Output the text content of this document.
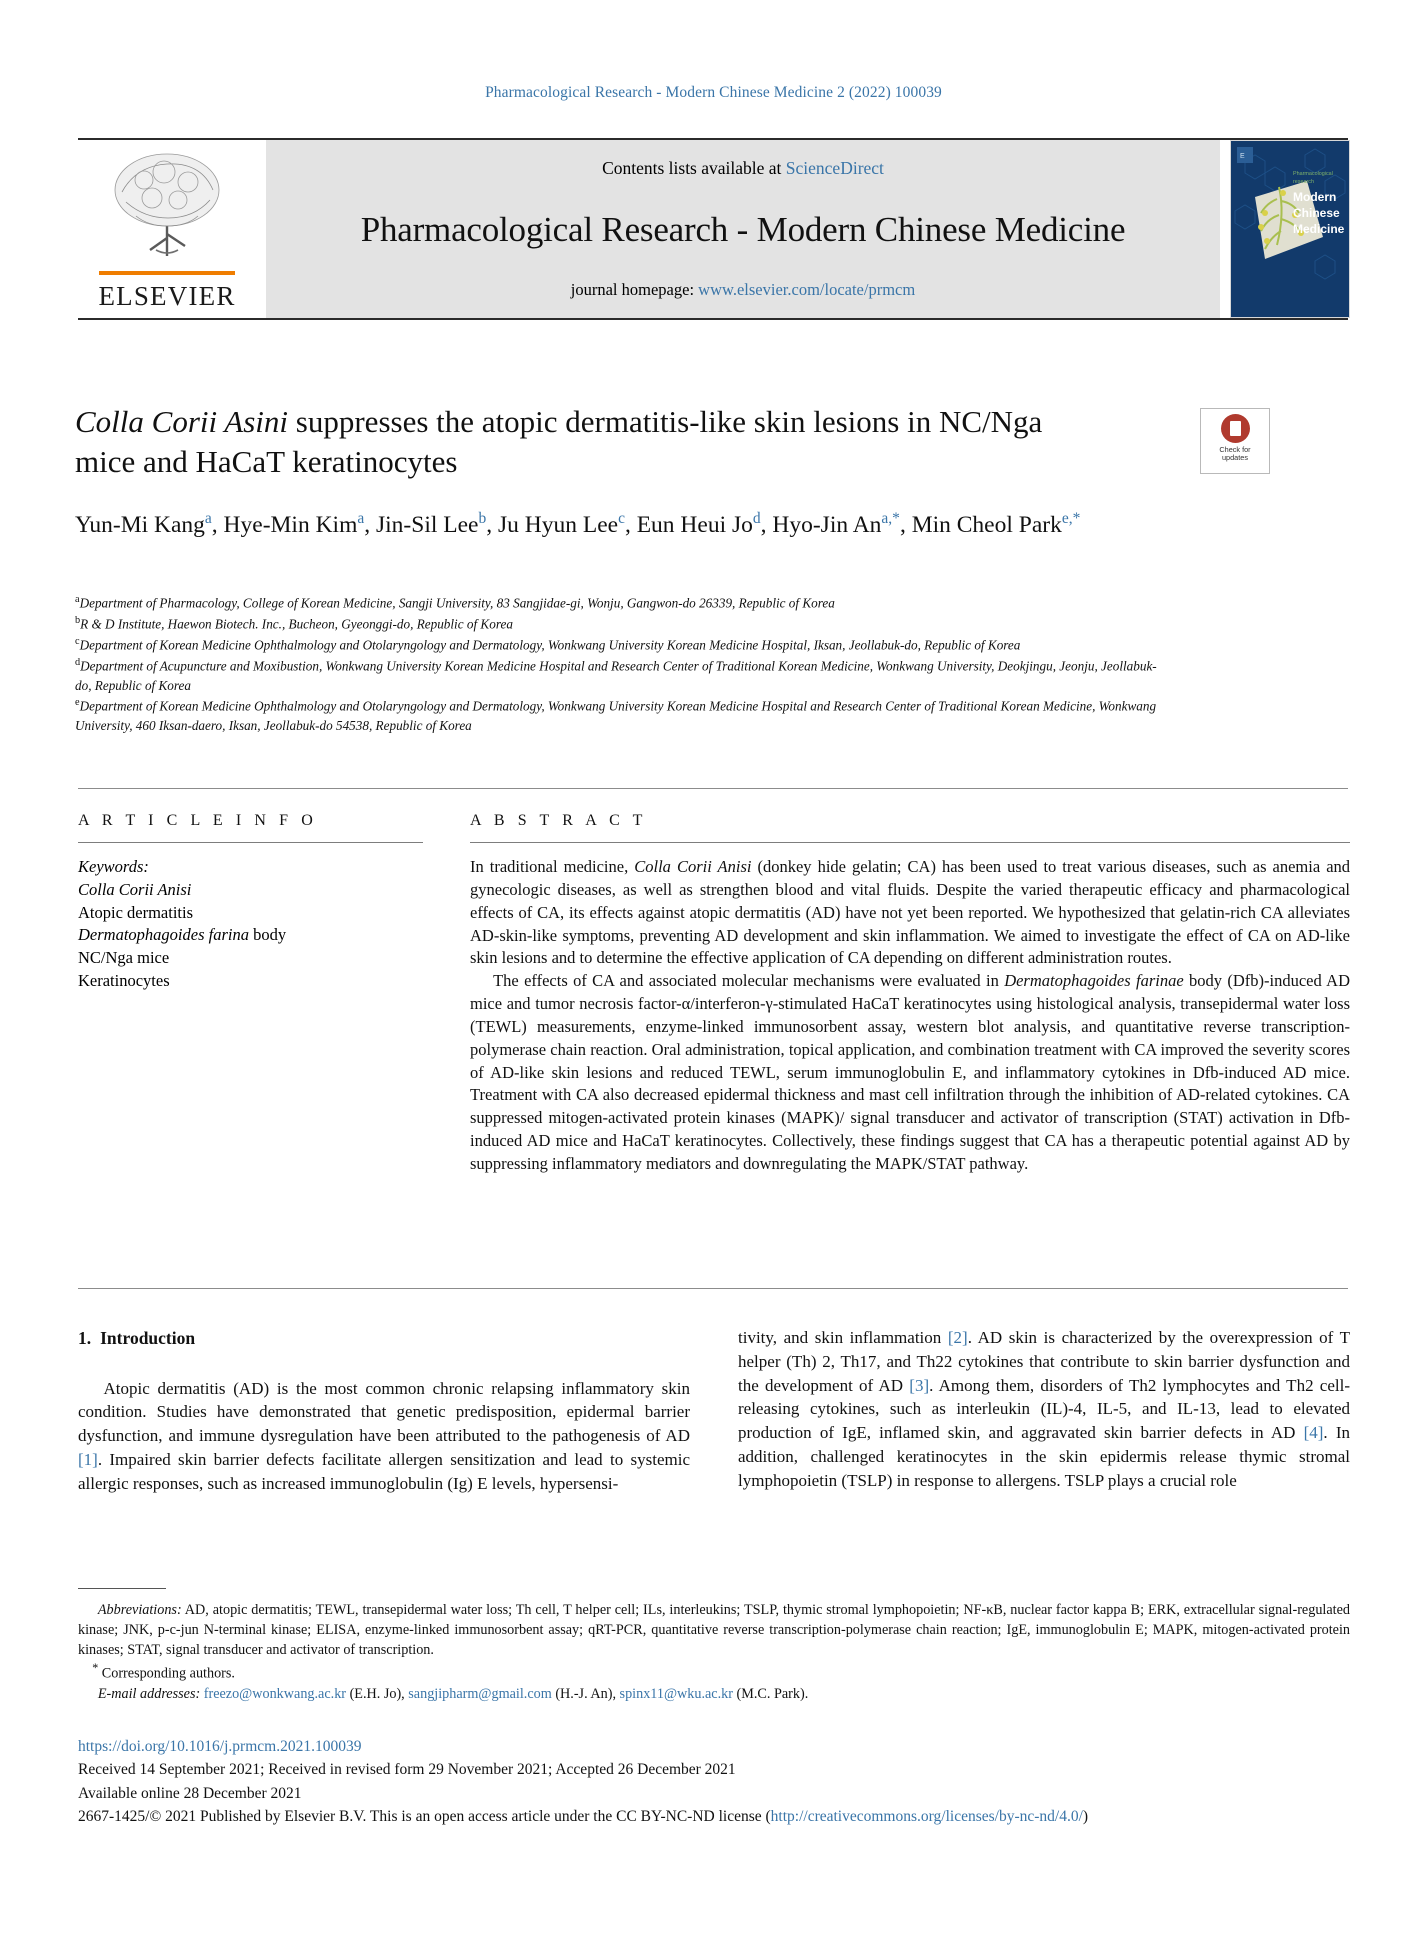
Pharmacological Research - Modern Chinese Medicine 2 (2022) 100039
ELSEVIER
Contents lists available at ScienceDirect
Pharmacological Research - Modern Chinese Medicine
journal homepage: www.elsevier.com/locate/prmcm
E
Pharmacological
research
Modern
Chinese
Medicine
Colla Corii Asini suppresses the atopic dermatitis-like skin lesions in NC/Nga mice and HaCaT keratinocytes	Check for
updates
Yun-Mi Kang$^a$, Hye-Min Kim$^a$, Jin-Sil Lee$^b$, Ju Hyun Lee$^c$, Eun Heui Jo$^d$, Hyo-Jin $An^{a,*}$, Min Cheol Park$^{e,*}$
$^a$Department of Pharmacology, College of Korean Medicine, Sangji University, 83 Sangjidae-gi, Wonju, Gangwon-do 26339, Republic of Korea
$^b$R & D Institute, Haewon Biotech. Inc., Bucheon, Gyeonggi-do, Republic of Korea
$^c$Department of Korean Medicine Ophthalmology and Otolaryngology and Dermatology, Wonkwang University Korean Medicine Hospital, Iksan, Jeollabuk-do, Republic of Korea
$^d$Department of Acupuncture and Moxibustion, Wonkwang University Korean Medicine Hospital and Research Center of Traditional Korean Medicine, Wonkwang University, Deokjingu, Jeonju, Jeollabuk-do, Republic of Korea
$^e$Department of Korean Medicine Ophthalmology and Otolaryngology and Dermatology, Wonkwang University Korean Medicine Hospital and Research Center of Traditional Korean Medicine, Wonkwang University, 460 Iksan-daero, Iksan, Jeollabuk-do 54538, Republic of Korea
A R T I C L E I N F O
Keywords:
Colla Corii Anisi
Atopic dermatitis
Dermatophagoides farina body
NC/Nga mice
Keratinocytes
A B S T R A C T

In traditional medicine, Colla Corii Anisi (donkey hide gelatin; CA) has been used to treat various diseases, such as anemia and gynecologic diseases, as well as strengthen blood and vital fluids. Despite the varied therapeutic efficacy and pharmacological effects of CA, its effects against atopic dermatitis (AD) have not yet been reported. We hypothesized that gelatin-rich CA alleviates AD-skin-like symptoms, preventing AD development and skin inflammation. We aimed to investigate the effect of CA on AD-like skin lesions and to determine the effective application of CA depending on different administration routes.

The effects of CA and associated molecular mechanisms were evaluated in Dermatophagoides farinae body (Dfb)-induced AD mice and tumor necrosis factor-α/interferon-γ-stimulated HaCaT keratinocytes using histological analysis, transepidermal water loss (TEWL) measurements, enzyme-linked immunosorbent assay, western blot analysis, and quantitative reverse transcription-polymerase chain reaction. Oral administration, topical application, and combination treatment with CA improved the severity scores of AD-like skin lesions and reduced TEWL, serum immunoglobulin E, and inflammatory cytokines in Dfb-induced AD mice. Treatment with CA also decreased epidermal thickness and mast cell infiltration through the inhibition of AD-related cytokines. CA suppressed mitogen-activated protein kinases (MAPK)/ signal transducer and activator of transcription (STAT) activation in Dfb-induced AD mice and HaCaT keratinocytes. Collectively, these findings suggest that CA has a therapeutic potential against AD by suppressing inflammatory mediators and downregulating the MAPK/STAT pathway.

1. Introduction

Atopic dermatitis (AD) is the most common chronic relapsing inflammatory skin condition. Studies have demonstrated that genetic predisposition, epidermal barrier dysfunction, and immune dysregulation have been attributed to the pathogenesis of AD [1]. Impaired skin barrier defects facilitate allergen sensitization and lead to systemic allergic responses, such as increased immunoglobulin (Ig) E levels, hypersensi-

tivity, and skin inflammation [2]. AD skin is characterized by the overexpression of T helper (Th) 2, Th17, and Th22 cytokines that contribute to skin barrier dysfunction and the development of AD [3]. Among them, disorders of Th2 lymphocytes and Th2 cell-releasing cytokines, such as interleukin (IL)-4, IL-5, and IL-13, lead to elevated production of IgE, inflamed skin, and aggravated skin barrier defects in AD [4]. In addition, challenged keratinocytes in the skin epidermis release thymic stromal lymphopoietin (TSLP) in response to allergens. TSLP plays a crucial role

Abbreviations: AD, atopic dermatitis; TEWL, transepidermal water loss; Th cell, T helper cell; ILs, interleukins; TSLP, thymic stromal lymphopoietin; NF-κB, nuclear factor kappa B; ERK, extracellular signal-regulated kinase; JNK, p-c-jun N-terminal kinase; ELISA, enzyme-linked immunosorbent assay; qRT-PCR, quantitative reverse transcription-polymerase chain reaction; IgE, immunoglobulin E; MAPK, mitogen-activated protein kinases; STAT, signal transducer and activator of transcription.

* Corresponding authors.

E-mail addresses: freezo@wonkwang.ac.kr (E.H. Jo), sangjipharm@gmail.com (H.-J. An), spinx11@wku.ac.kr (M.C. Park).

https://doi.org/10.1016/j.prmcm.2021.100039
Received 14 September 2021; Received in revised form 29 November 2021; Accepted 26 December 2021
Available online 28 December 2021
2667-1425/© 2021 Published by Elsevier B.V. This is an open access article under the CC BY-NC-ND license (http://creativecommons.org/licenses/by-nc-nd/4.0/)
